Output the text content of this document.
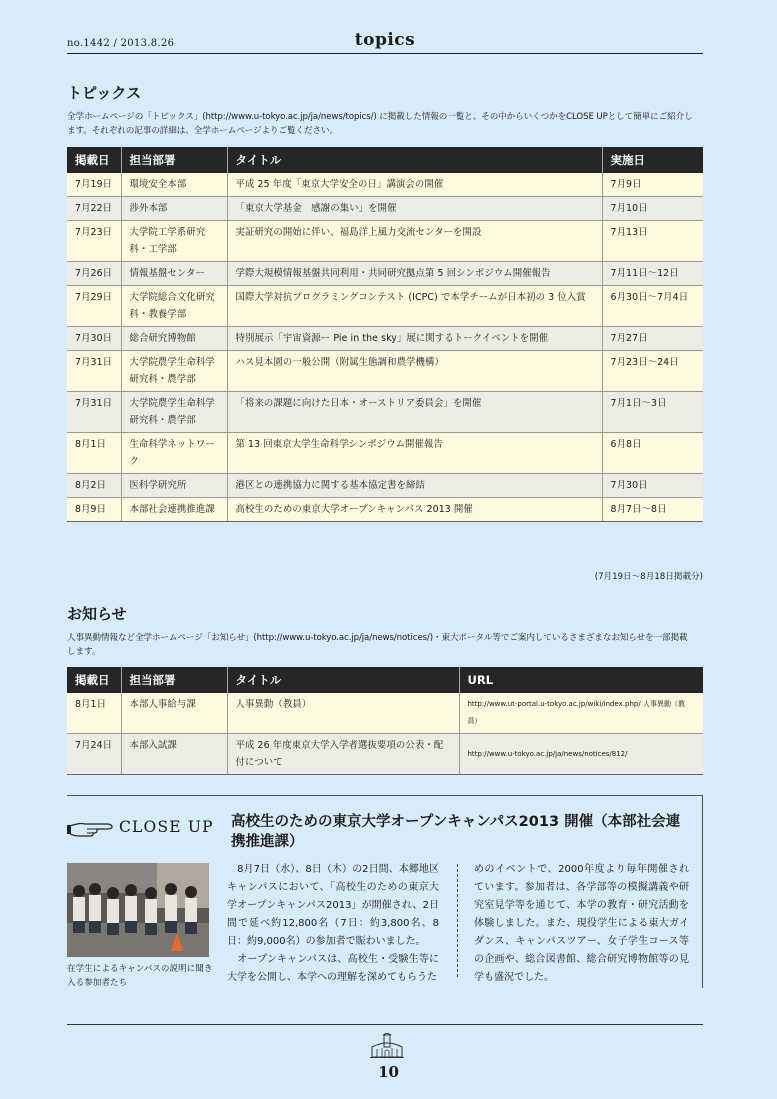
no.1442 / 2013.8.26	topics
トピックス
全学ホームページの「トピックス」(http://www.u-tokyo.ac.jp/ja/news/topics/) に掲載した情報の一覧と、その中からいくつかをCLOSE UPとして簡単にご紹介し
ます。それぞれの記事の詳細は、全学ホームページよりご覧ください。
掲載日	担当部署	タイトル	実施日
7月19日	環境安全本部	平成 25 年度「東京大学安全の日」講演会の開催	7月9日
7月22日	渉外本部	「東京大学基金　感謝の集い」を開催	7月10日
7月23日	大学院工学系研究科・工学部	実証研究の開始に伴い、福島洋上風力交流センターを開設	7月13日
7月26日	情報基盤センター	学際大規模情報基盤共同利用・共同研究拠点第 5 回シンポジウム開催報告	7月11日～12日
7月29日	大学院総合文化研究科・教養学部	国際大学対抗プログラミングコンテスト (ICPC) で本学チームが日本初の 3 位入賞	6月30日～7月4日
7月30日	総合研究博物館	特別展示「宇宙資源ー Pie in the sky」展に関するトークイベントを開催	7月27日
7月31日	大学院農学生命科学研究科・農学部	ハス見本園の一般公開（附属生態調和農学機構）	7月23日～24日
7月31日	大学院農学生命科学研究科・農学部	「将来の課題に向けた日本・オーストリア委員会」を開催	7月1日～3日
8月1日	生命科学ネットワーク	第 13 回東京大学生命科学シンポジウム開催報告	6月8日
8月2日	医科学研究所	港区との連携協力に関する基本協定書を締結	7月30日
8月9日	本部社会連携推進課	高校生のための東京大学オープンキャンパス 2013 開催	8月7日～8日
(7月19日～8月18日掲載分)
お知らせ
人事異動情報など全学ホームページ「お知らせ」(http://www.u-tokyo.ac.jp/ja/news/notices/)・東大ポータル等でご案内しているさまざまなお知らせを一部掲載
します。
掲載日	担当部署	タイトル	URL
8月1日	本部人事給与課	人事異動（教員）	http://www.ut-portal.u-tokyo.ac.jp/wiki/index.php/ 人事異動（教員）
7月24日	本部入試課	平成 26 年度東京大学入学者選抜要項の公表・配付について	http://www.u-tokyo.ac.jp/ja/news/notices/812/
CLOSE UP 高校生のための東京大学オープンキャンパス2013 開催（本部社会連携推進課）
在学生によるキャンパスの説明に聞き入る参加者たち
　8月7日（水）、8日（木）の2日間、本郷地区キャンパスにおいて、「高校生のための東京大学オープンキャンパス2013」が開催され、2日間で延べ約12,800名（7日：約3,800名、8日：約9,000名）の参加者で賑わいました。
　オープンキャンパスは、高校生・受験生等に大学を公開し、本学への理解を深めてもらうた
めのイベントで、2000年度より毎年開催されています。参加者は、各学部等の模擬講義や研究室見学等を通じて、本学の教育・研究活動を体験しました。また、現役学生による東大ガイダンス、キャンパスツアー、女子学生コース等の企画や、総合図書館、総合研究博物館等の見学も盛況でした。
10
